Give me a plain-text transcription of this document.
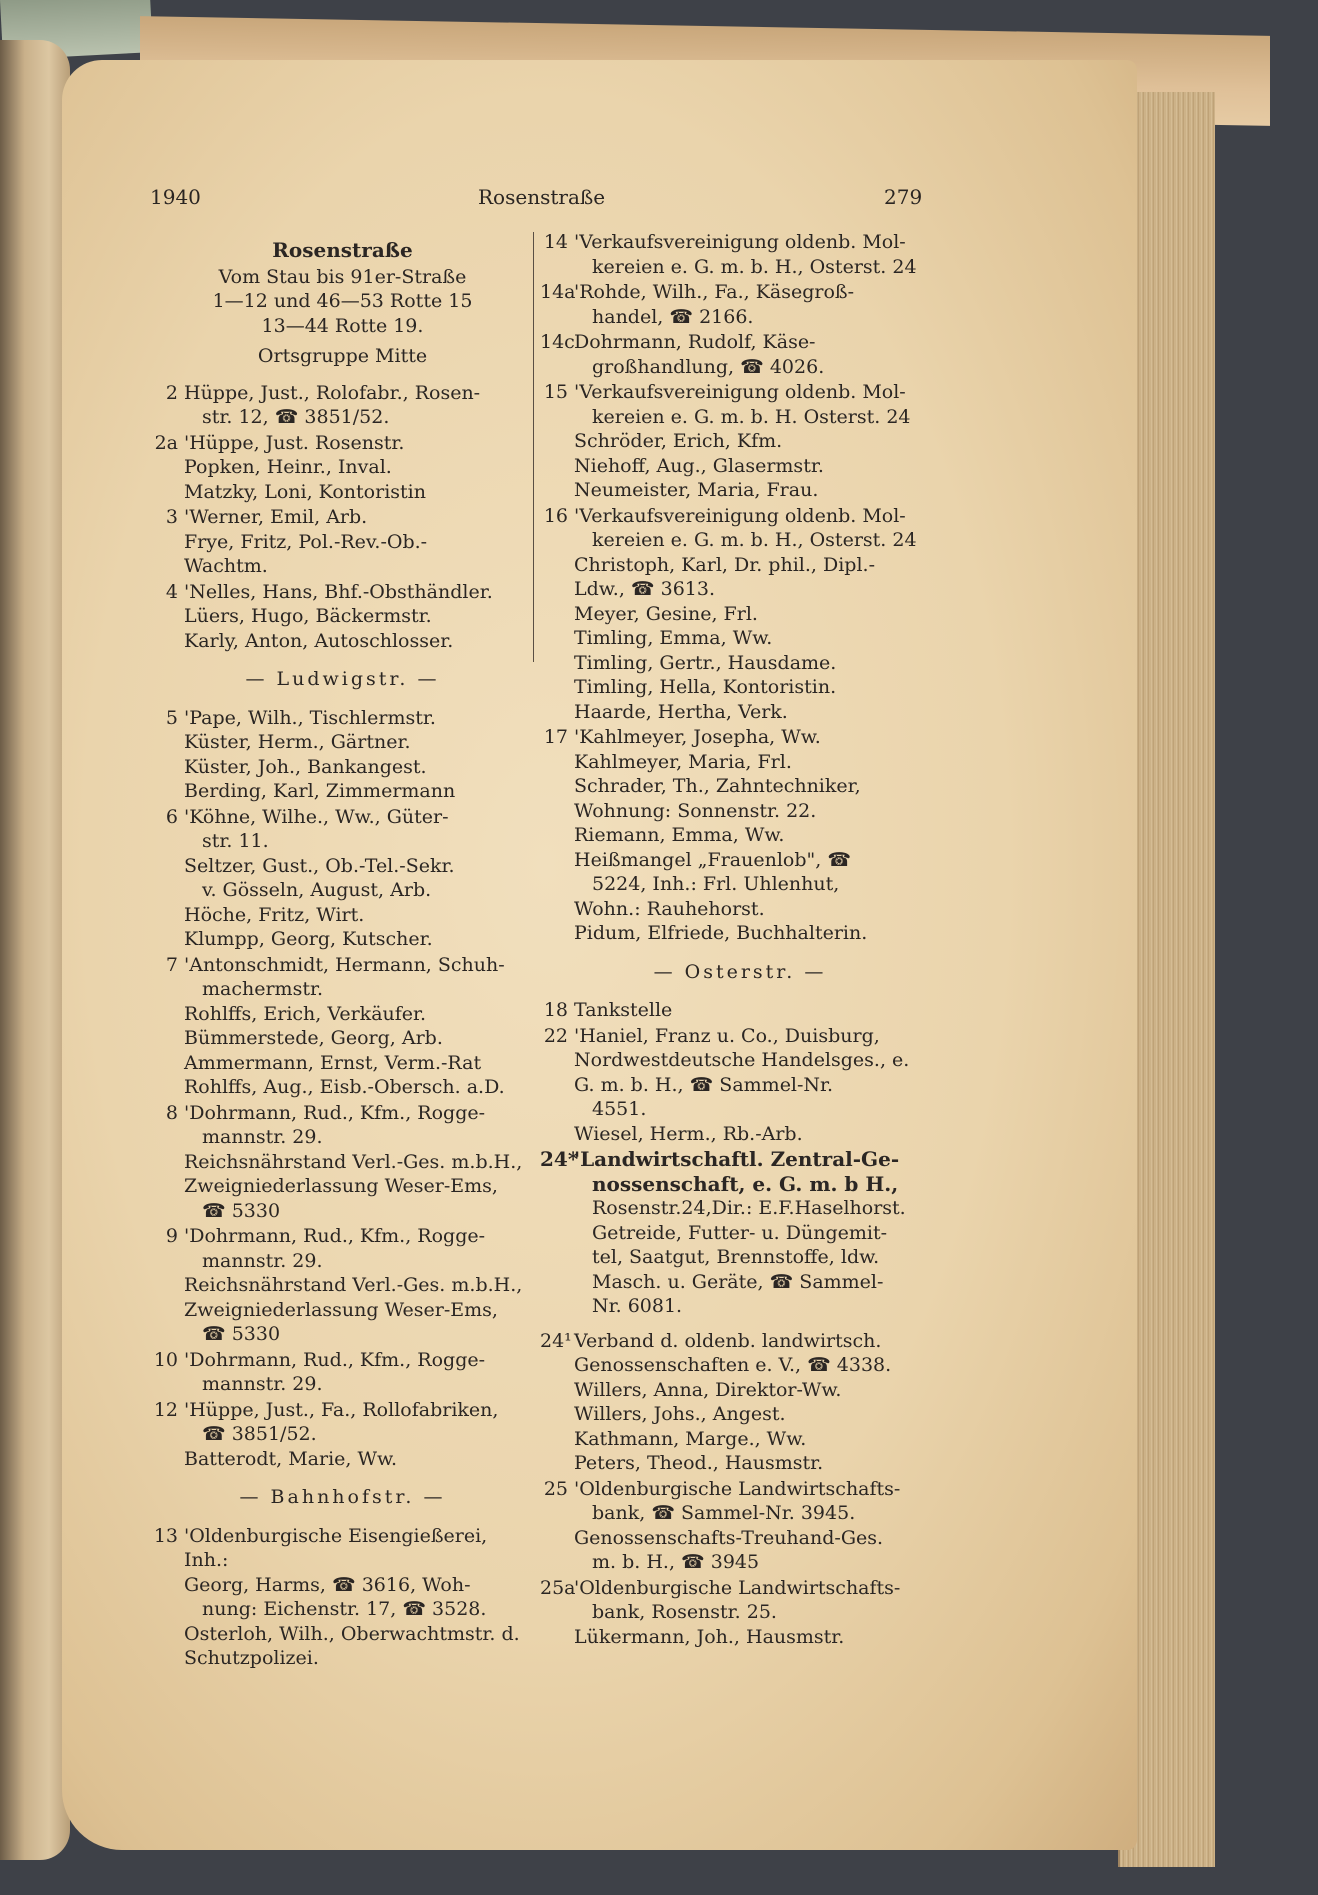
1940	Rosenstraße	279
Rosenstraße
Vom Stau bis 91er-Straße
1—12 und 46—53 Rotte 15
13—44 Rotte 19.
Ortsgruppe Mitte
2 Hüppe, Just., Rolofabr., Rosen-
str. 12, ☎ 3851/52.
2a 'Hüppe, Just. Rosenstr.
Popken, Heinr., Inval.
Matzky, Loni, Kontoristin
3 'Werner, Emil, Arb.
Frye, Fritz, Pol.-Rev.-Ob.-
Wachtm.
4 'Nelles, Hans, Bhf.-Obsthändler.
Lüers, Hugo, Bäckermstr.
Karly, Anton, Autoschlosser.
— Ludwigstr. —
5 'Pape, Wilh., Tischlermstr.
Küster, Herm., Gärtner.
Küster, Joh., Bankangest.
Berding, Karl, Zimmermann
6 'Köhne, Wilhe., Ww., Güter-
str. 11.
Seltzer, Gust., Ob.-Tel.-Sekr.
v. Gösseln, August, Arb.
Höche, Fritz, Wirt.
Klumpp, Georg, Kutscher.
7 'Antonschmidt, Hermann, Schuh-
machermstr.
Rohlffs, Erich, Verkäufer.
Bümmerstede, Georg, Arb.
Ammermann, Ernst, Verm.-Rat
Rohlffs, Aug., Eisb.-Obersch. a.D.
8 'Dohrmann, Rud., Kfm., Rogge-
mannstr. 29.
Reichsnährstand Verl.-Ges. m.b.H.,
Zweigniederlassung Weser-Ems,
☎ 5330
9 'Dohrmann, Rud., Kfm., Rogge-
mannstr. 29.
Reichsnährstand Verl.-Ges. m.b.H.,
Zweigniederlassung Weser-Ems,
☎ 5330
10 'Dohrmann, Rud., Kfm., Rogge-
mannstr. 29.
12 'Hüppe, Just., Fa., Rollofabriken,
☎ 3851/52.
Batterodt, Marie, Ww.
— Bahnhofstr. —
13 'Oldenburgische Eisengießerei, Inh.:
Georg, Harms, ☎ 3616, Woh-
nung: Eichenstr. 17, ☎ 3528.
Osterloh, Wilh., Oberwachtmstr. d.
Schutzpolizei.
14 'Verkaufsvereinigung oldenb. Mol-
kereien e. G. m. b. H., Osterst. 24
14a
'Rohde, Wilh., Fa., Käsegroß-
handel, ☎ 2166.
14c Dohrmann, Rudolf, Käse-
großhandlung, ☎ 4026.
15 'Verkaufsvereinigung oldenb. Mol-
kereien e. G. m. b. H. Osterst. 24
Schröder, Erich, Kfm.
Niehoff, Aug., Glasermstr.
Neumeister, Maria, Frau.
16 'Verkaufsvereinigung oldenb. Mol-
kereien e. G. m. b. H., Osterst. 24
Christoph, Karl, Dr. phil., Dipl.-
Ldw., ☎ 3613.
Meyer, Gesine, Frl.
Timling, Emma, Ww.
Timling, Gertr., Hausdame.
Timling, Hella, Kontoristin.
Haarde, Hertha, Verk.
17 'Kahlmeyer, Josepha, Ww.
Kahlmeyer, Maria, Frl.
Schrader, Th., Zahntechniker,
Wohnung: Sonnenstr. 22.
Riemann, Emma, Ww.
Heißmangel „Frauenlob", ☎
5224, Inh.: Frl. Uhlenhut,
Wohn.: Rauhehorst.
Pidum, Elfriede, Buchhalterin.
— Osterstr. —
18 Tankstelle
22 'Haniel, Franz u. Co., Duisburg,
Nordwestdeutsche Handelsges., e.
G. m. b. H., ☎ Sammel-Nr.
4551.
Wiesel, Herm., Rb.-Arb.
24*
'Landwirtschaftl. Zentral-Ge-
nossenschaft, e. G. m. b H.,
Rosenstr.24,Dir.: E.F.Haselhorst.
Getreide, Futter- u. Düngemit-
tel, Saatgut, Brennstoffe, ldw.
Masch. u. Geräte, ☎ Sammel-
Nr. 6081.
24¹ Verband d. oldenb. landwirtsch.
Genossenschaften e. V., ☎ 4338.
Willers, Anna, Direktor-Ww.
Willers, Johs., Angest.
Kathmann, Marge., Ww.
Peters, Theod., Hausmstr.
25 'Oldenburgische Landwirtschafts-
bank, ☎ Sammel-Nr. 3945.
Genossenschafts-Treuhand-Ges.
m. b. H., ☎ 3945
25a
'Oldenburgische Landwirtschafts-
bank, Rosenstr. 25.
Lükermann, Joh., Hausmstr.
